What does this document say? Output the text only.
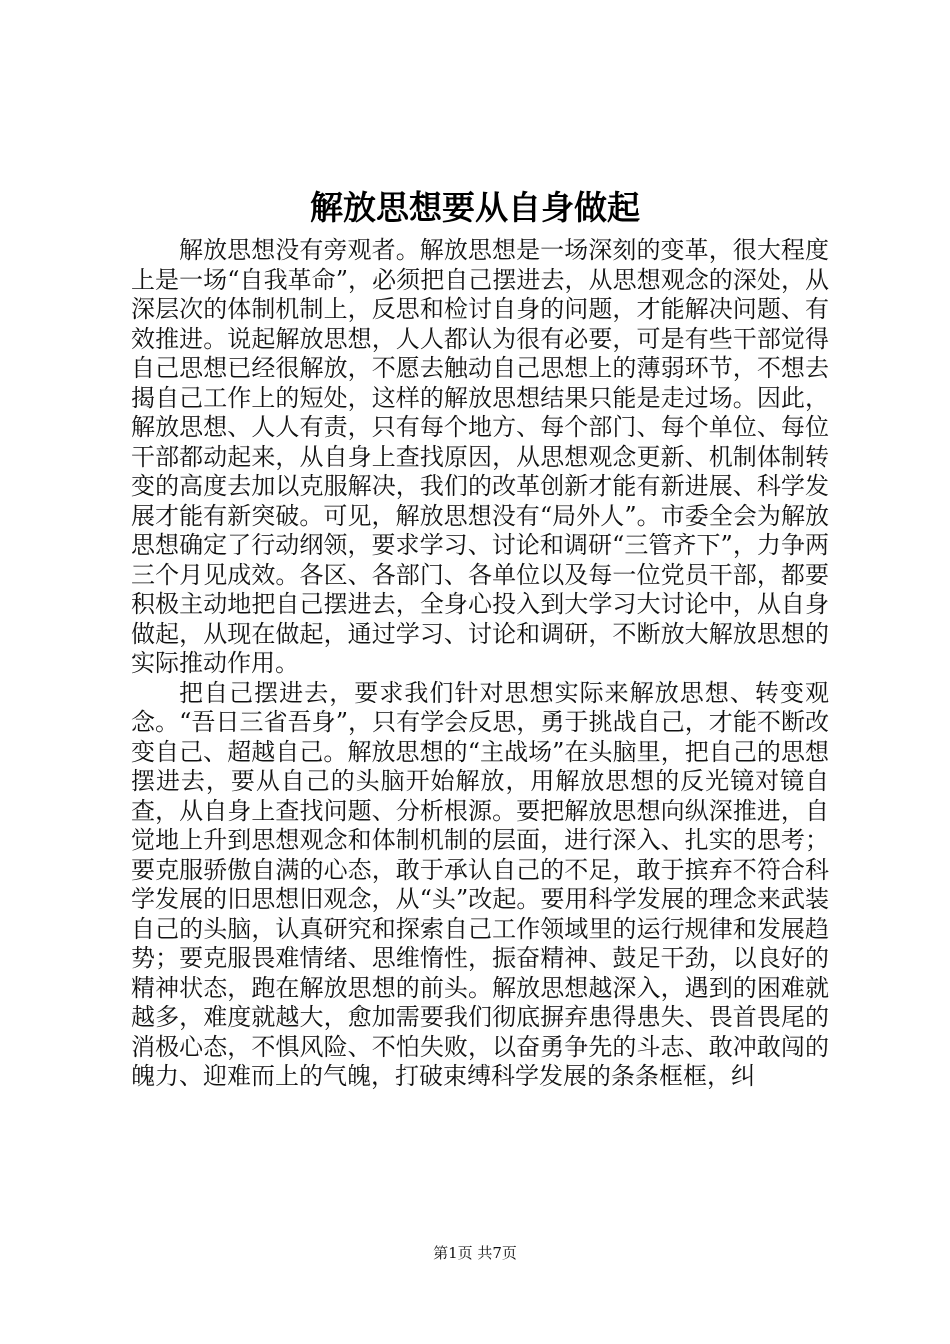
解放思想要从自身做起

解放思想没有旁观者。解放思想是一场深刻的变革，很大程度上是一场“自我革命”，必须把自己摆进去，从思想观念的深处，从深层次的体制机制上，反思和检讨自身的问题，才能解决问题、有效推进。说起解放思想，人人都认为很有必要，可是有些干部觉得自己思想已经很解放，不愿去触动自己思想上的薄弱环节，不想去揭自己工作上的短处，这样的解放思想结果只能是走过场。因此，解放思想、人人有责，只有每个地方、每个部门、每个单位、每位干部都动起来，从自身上查找原因，从思想观念更新、机制体制转变的高度去加以克服解决，我们的改革创新才能有新进展、科学发展才能有新突破。可见，解放思想没有“局外人”。市委全会为解放思想确定了行动纲领，要求学习、讨论和调研“三管齐下”，力争两三个月见成效。各区、各部门、各单位以及每一位党员干部，都要积极主动地把自己摆进去，全身心投入到大学习大讨论中，从自身做起，从现在做起，通过学习、讨论和调研，不断放大解放思想的实际推动作用。

把自己摆进去，要求我们针对思想实际来解放思想、转变观念。“吾日三省吾身”，只有学会反思，勇于挑战自己，才能不断改变自己、超越自己。解放思想的“主战场”在头脑里，把自己的思想摆进去，要从自己的头脑开始解放，用解放思想的反光镜对镜自查，从自身上查找问题、分析根源。要把解放思想向纵深推进，自觉地上升到思想观念和体制机制的层面，进行深入、扎实的思考；要克服骄傲自满的心态，敢于承认自己的不足，敢于摈弃不符合科学发展的旧思想旧观念，从“头”改起。要用科学发展的理念来武装自己的头脑，认真研究和探索自己工作领域里的运行规律和发展趋势；要克服畏难情绪、思维惰性，振奋精神、鼓足干劲，以良好的精神状态，跑在解放思想的前头。解放思想越深入，遇到的困难就越多，难度就越大，愈加需要我们彻底摒弃患得患失、畏首畏尾的消极心态，不惧风险、不怕失败，以奋勇争先的斗志、敢冲敢闯的魄力、迎难而上的气魄，打破束缚科学发展的条条框框，纠

第1页 共7页
